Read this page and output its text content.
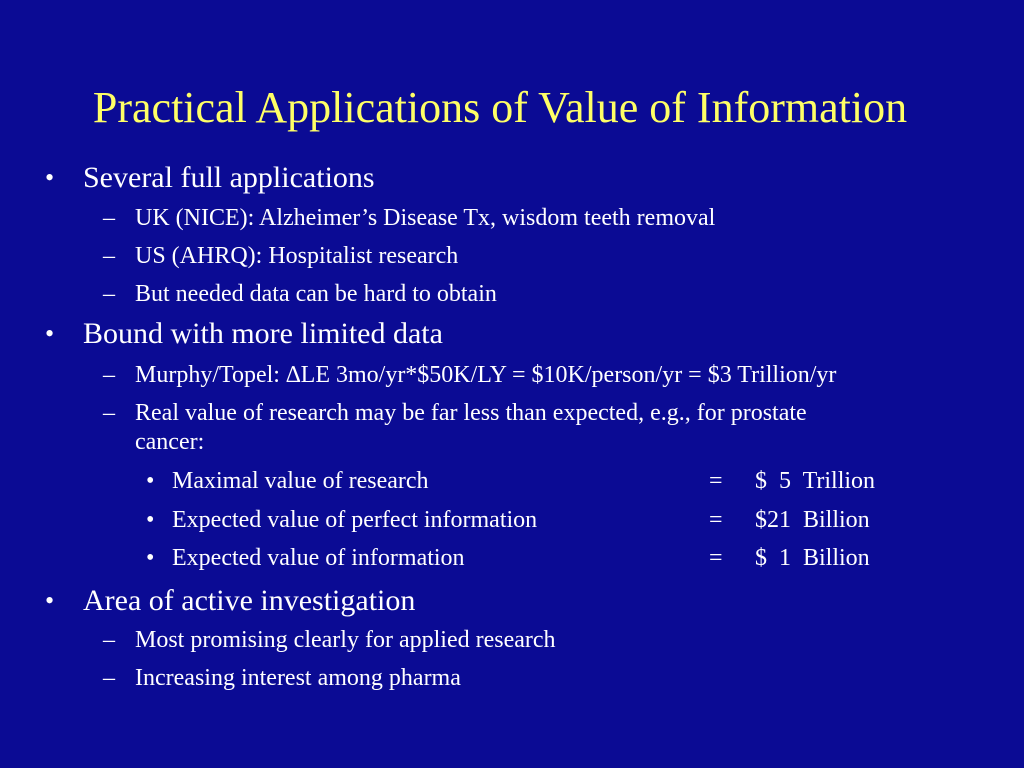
Practical Applications of Value of Information
• Several full applications
– UK (NICE): Alzheimer’s Disease Tx, wisdom teeth removal
– US (AHRQ): Hospitalist research
– But needed data can be hard to obtain
• Bound with more limited data
– Murphy/Topel: ∆LE 3mo/yr*$50K/LY = $10K/person/yr = $3 Trillion/yr
– Real value of research may be far less than expected, e.g., for prostate
cancer:
• Maximal value of research	= $  5  Trillion
• Expected value of perfect information	= $21  Billion
• Expected value of information	= $  1  Billion
• Area of active investigation
– Most promising clearly for applied research
– Increasing interest among pharma
